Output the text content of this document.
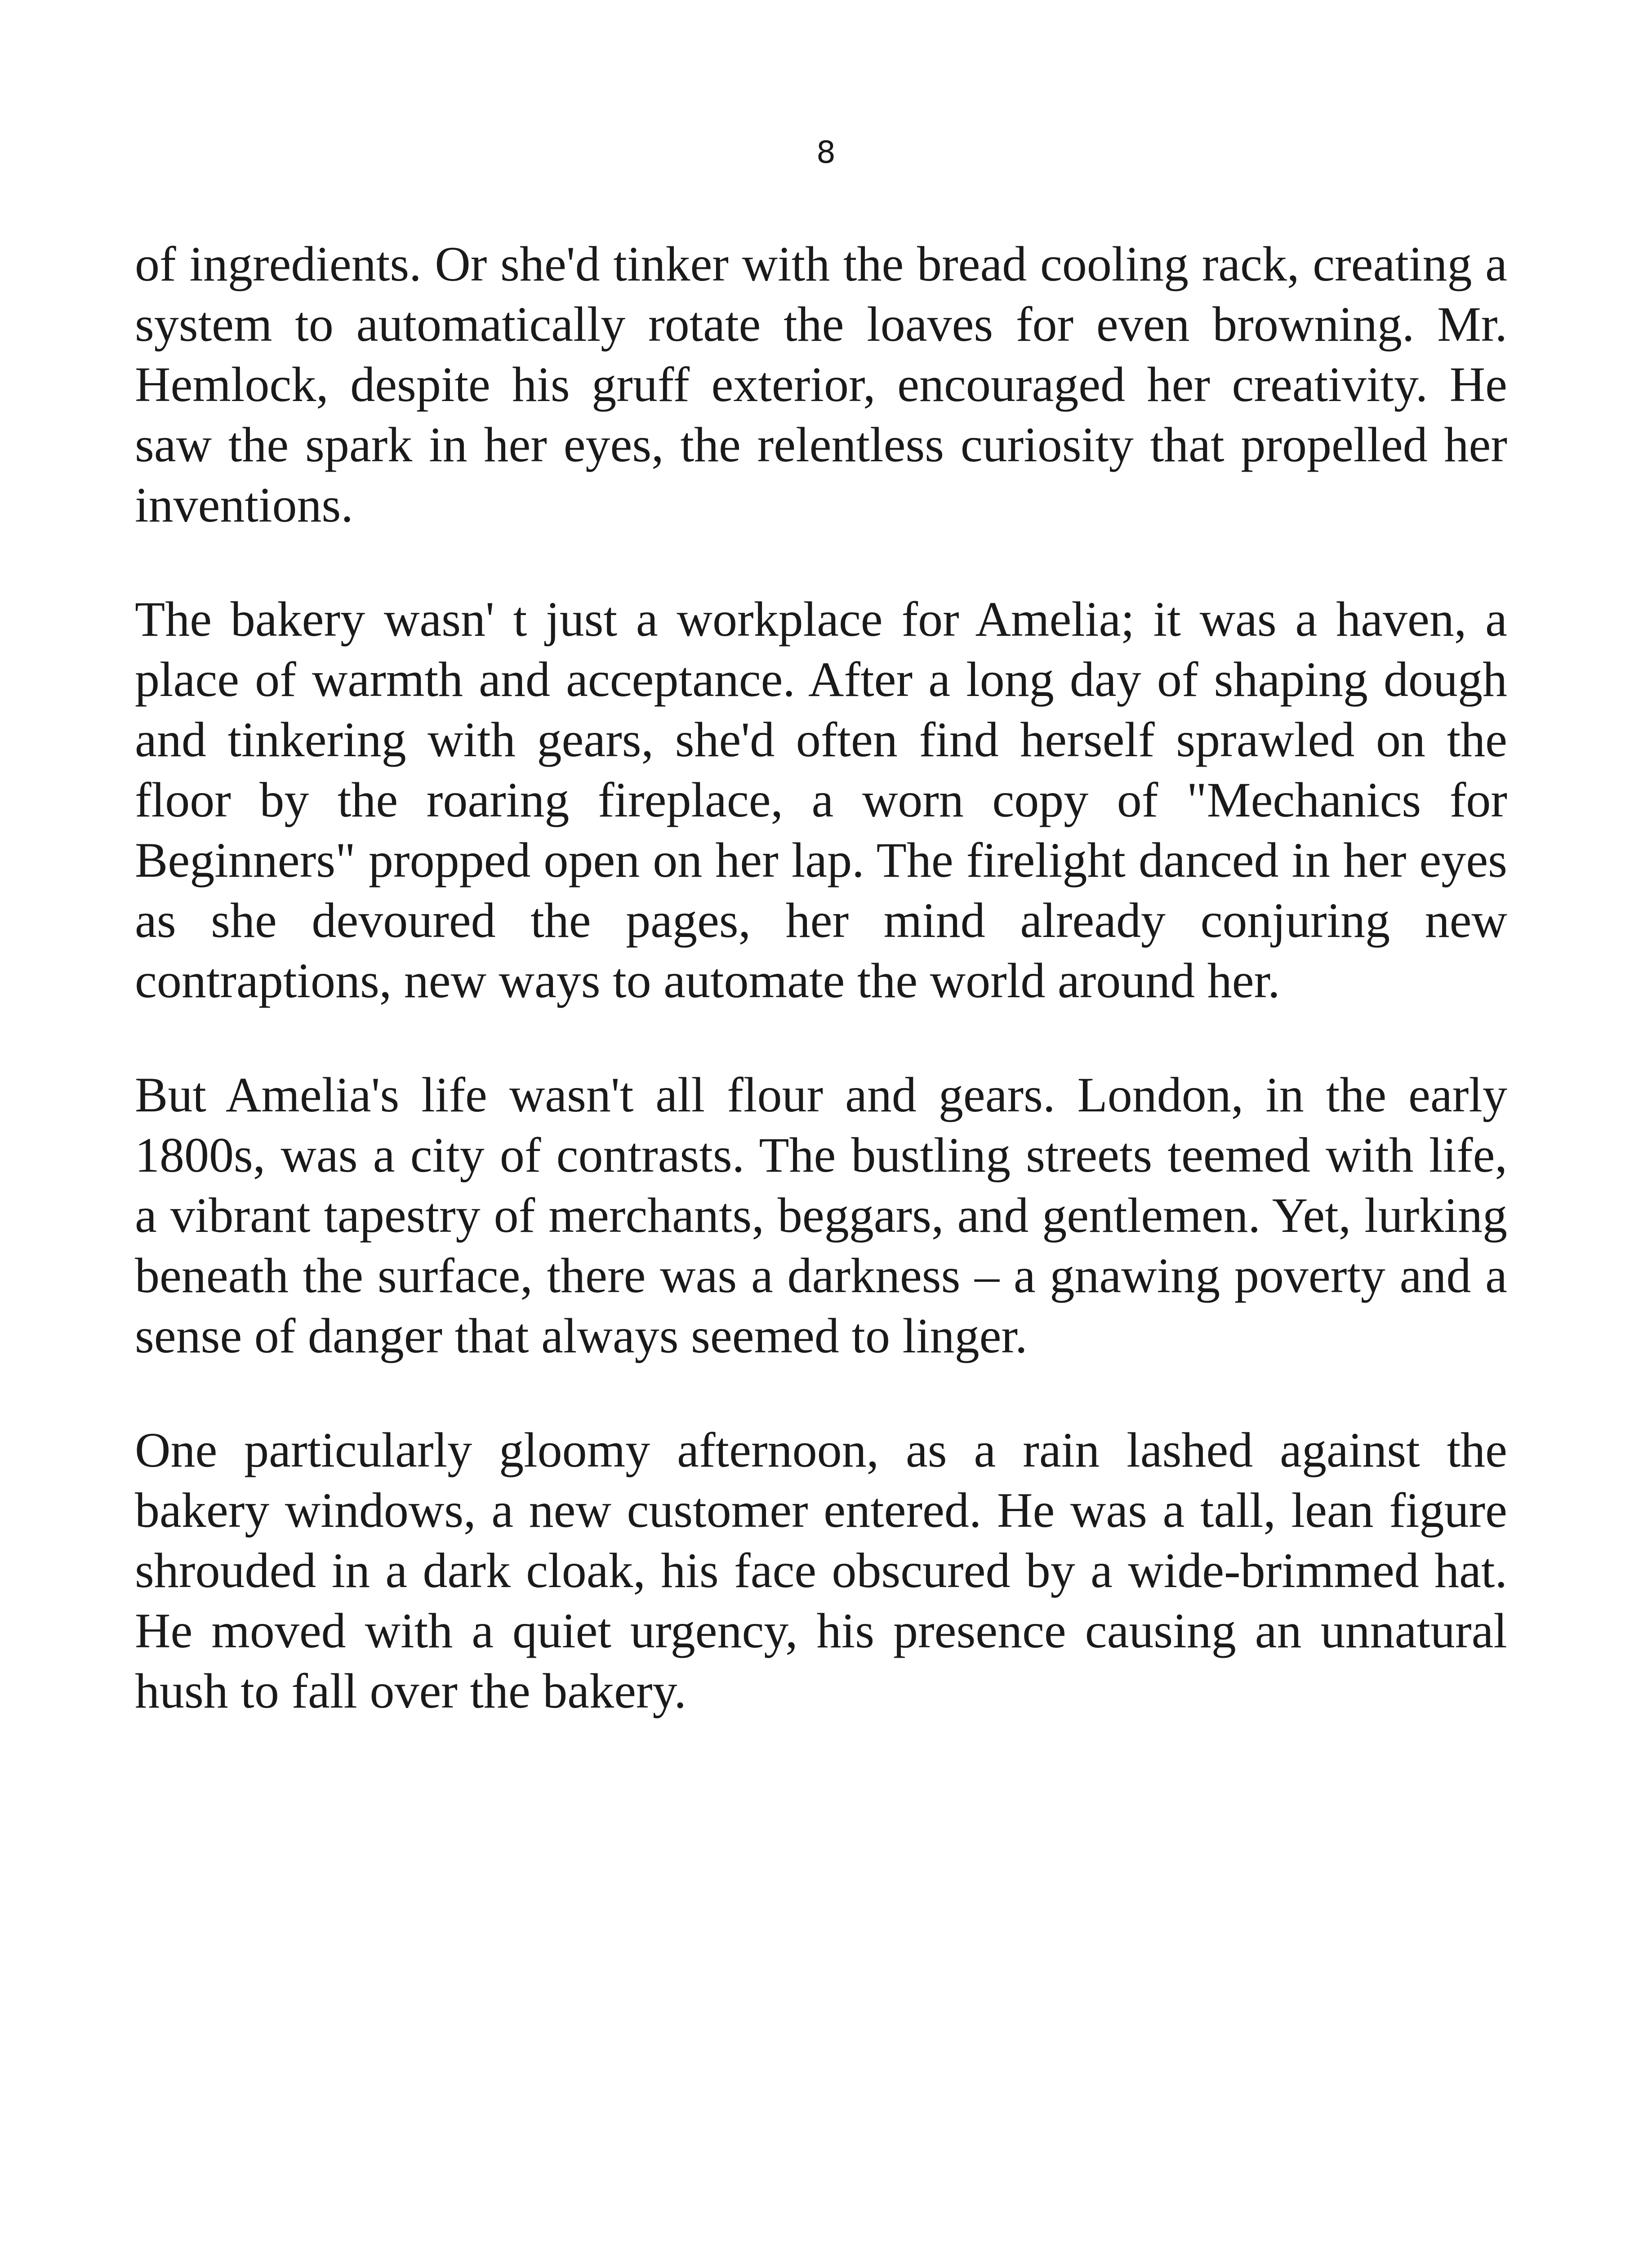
8

of ingredients. Or she'd tinker with the bread cooling rack, creating a system to automatically rotate the loaves for even browning. Mr. Hemlock, despite his gruff exterior, encouraged her creativity. He saw the spark in her eyes, the relentless curiosity that propelled her inventions.

The bakery wasn' t just a workplace for Amelia; it was a haven, a place of warmth and acceptance. After a long day of shaping dough and tinkering with gears, she'd often find herself sprawled on the floor by the roaring fireplace, a worn copy of "Mechanics for Beginners" propped open on her lap. The firelight danced in her eyes as she devoured the pages, her mind already conjuring new contraptions, new ways to automate the world around her.

But Amelia's life wasn't all flour and gears. London, in the early 1800s, was a city of contrasts. The bustling streets teemed with life, a vibrant tapestry of merchants, beggars, and gentlemen. Yet, lurking beneath the surface, there was a darkness – a gnawing poverty and a sense of danger that always seemed to linger.

One particularly gloomy afternoon, as a rain lashed against the bakery windows, a new customer entered. He was a tall, lean figure shrouded in a dark cloak, his face obscured by a wide-brimmed hat. He moved with a quiet urgency, his presence causing an unnatural hush to fall over the bakery.
